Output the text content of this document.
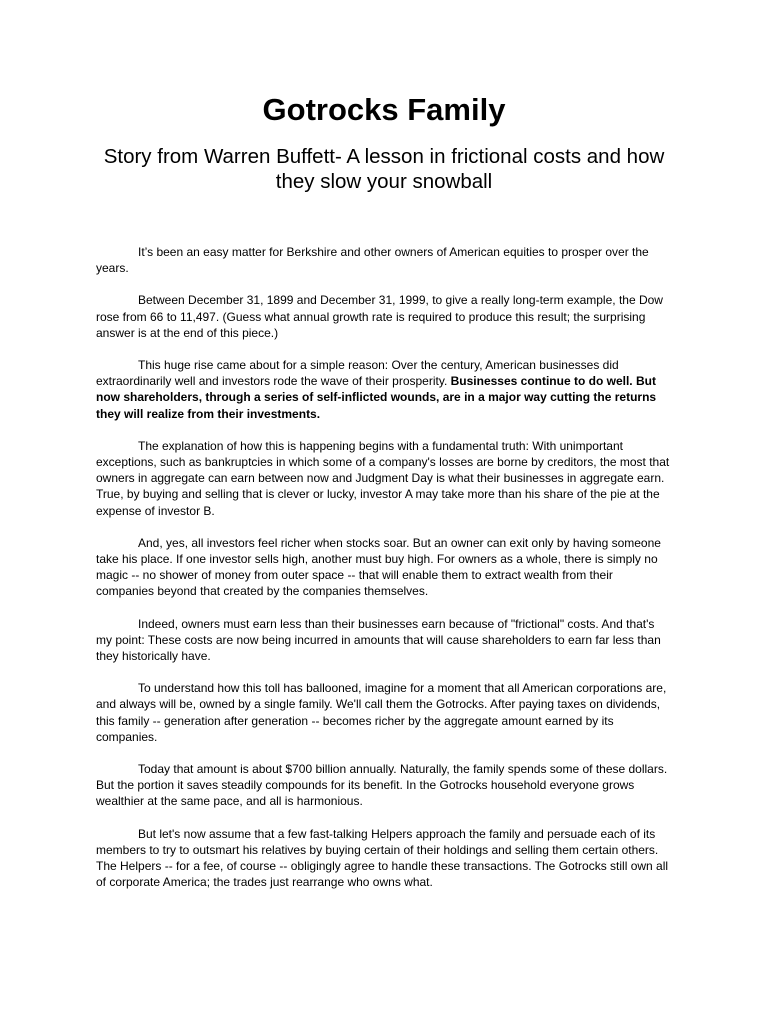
Gotrocks Family
Story from Warren Buffett- A lesson in frictional costs and how they slow your snowball

It’s been an easy matter for Berkshire and other owners of American equities to prosper over the years.

Between December 31, 1899 and December 31, 1999, to give a really long-term example, the Dow rose from 66 to 11,497. (Guess what annual growth rate is required to produce this result; the surprising answer is at the end of this piece.)

This huge rise came about for a simple reason: Over the century, American businesses did extraordinarily well and investors rode the wave of their prosperity. Businesses continue to do well. But now shareholders, through a series of self-inflicted wounds, are in a major way cutting the returns they will realize from their investments.

The explanation of how this is happening begins with a fundamental truth: With unimportant exceptions, such as bankruptcies in which some of a company's losses are borne by creditors, the most that owners in aggregate can earn between now and Judgment Day is what their businesses in aggregate earn. True, by buying and selling that is clever or lucky, investor A may take more than his share of the pie at the expense of investor B.

And, yes, all investors feel richer when stocks soar. But an owner can exit only by having someone take his place. If one investor sells high, another must buy high. For owners as a whole, there is simply no magic -- no shower of money from outer space -- that will enable them to extract wealth from their companies beyond that created by the companies themselves.

Indeed, owners must earn less than their businesses earn because of "frictional" costs. And that's my point: These costs are now being incurred in amounts that will cause shareholders to earn far less than they historically have.

To understand how this toll has ballooned, imagine for a moment that all American corporations are, and always will be, owned by a single family. We'll call them the Gotrocks. After paying taxes on dividends, this family -- generation after generation -- becomes richer by the aggregate amount earned by its companies.

Today that amount is about $700 billion annually. Naturally, the family spends some of these dollars. But the portion it saves steadily compounds for its benefit. In the Gotrocks household everyone grows wealthier at the same pace, and all is harmonious.

But let's now assume that a few fast-talking Helpers approach the family and persuade each of its members to try to outsmart his relatives by buying certain of their holdings and selling them certain others. The Helpers -- for a fee, of course -- obligingly agree to handle these transactions. The Gotrocks still own all of corporate America; the trades just rearrange who owns what.
